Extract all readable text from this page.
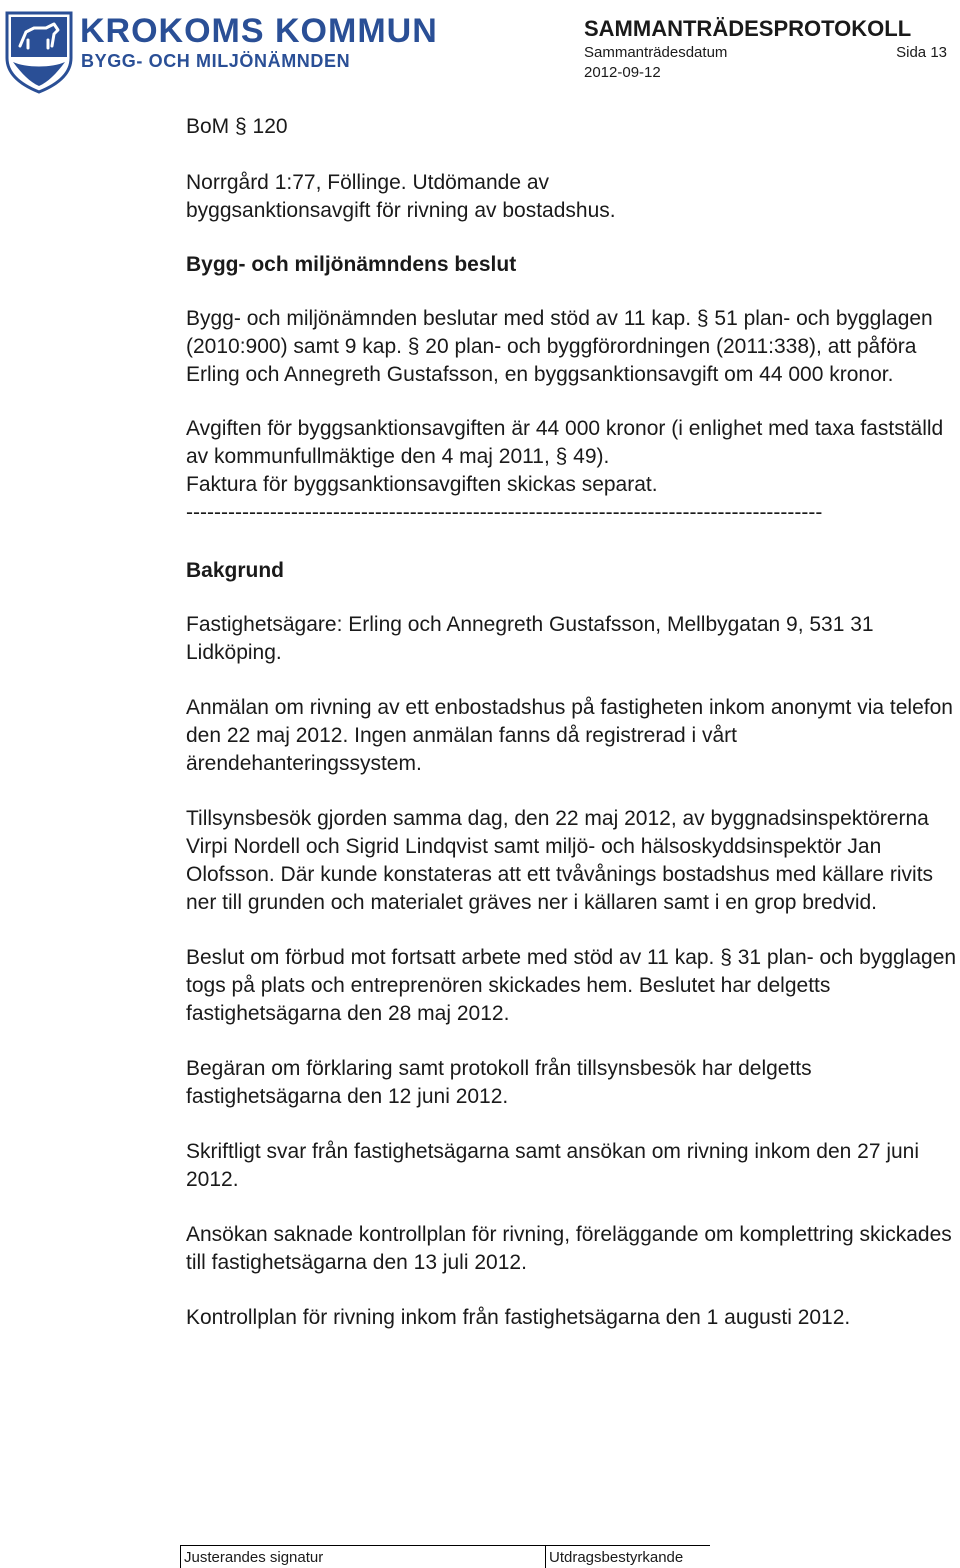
KROKOMS KOMMUN
BYGG- OCH MILJÖNÄMNDEN
SAMMANTRÄDESPROTOKOLL
Sammanträdesdatum	Sida 13
2012-09-12

BoM § 120

Norrgård 1:77, Föllinge. Utdömande av
byggsanktionsavgift för rivning av bostadshus.

Bygg- och miljönämndens beslut

Bygg- och miljönämnden beslutar med stöd av 11 kap. § 51 plan- och bygglagen (2010:900) samt 9 kap. § 20 plan- och byggförordningen (2011:338), att påföra Erling och Annegreth Gustafsson, en byggsanktionsavgift om 44 000 kronor.

Avgiften för byggsanktionsavgiften är 44 000 kronor (i enlighet med taxa fastställd av kommunfullmäktige den 4 maj 2011, § 49).

Faktura för byggsanktionsavgiften skickas separat.

-------------------------------------------------------------------------------------------
Bakgrund

Fastighetsägare: Erling och Annegreth Gustafsson, Mellbygatan 9, 531 31 Lidköping.

Anmälan om rivning av ett enbostadshus på fastigheten inkom anonymt via telefon den 22 maj 2012. Ingen anmälan fanns då registrerad i vårt ärendehanteringssystem.

Tillsynsbesök gjorden samma dag, den 22 maj 2012, av byggnadsinspektörerna Virpi Nordell och Sigrid Lindqvist samt miljö- och hälsoskyddsinspektör Jan Olofsson. Där kunde konstateras att ett tvåvånings bostadshus med källare rivits ner till grunden och materialet gräves ner i källaren samt i en grop bredvid.

Beslut om förbud mot fortsatt arbete med stöd av 11 kap. § 31 plan- och bygglagen togs på plats och entreprenören skickades hem. Beslutet har delgetts fastighetsägarna den 28 maj 2012.

Begäran om förklaring samt protokoll från tillsynsbesök har delgetts fastighetsägarna den 12 juni 2012.

Skriftligt svar från fastighetsägarna samt ansökan om rivning inkom den 27 juni 2012.

Ansökan saknade kontrollplan för rivning, föreläggande om komplettring skickades till fastighetsägarna den 13 juli 2012.

Kontrollplan för rivning inkom från fastighetsägarna den 1 augusti 2012.

Justerandes signatur	Utdragsbestyrkande
